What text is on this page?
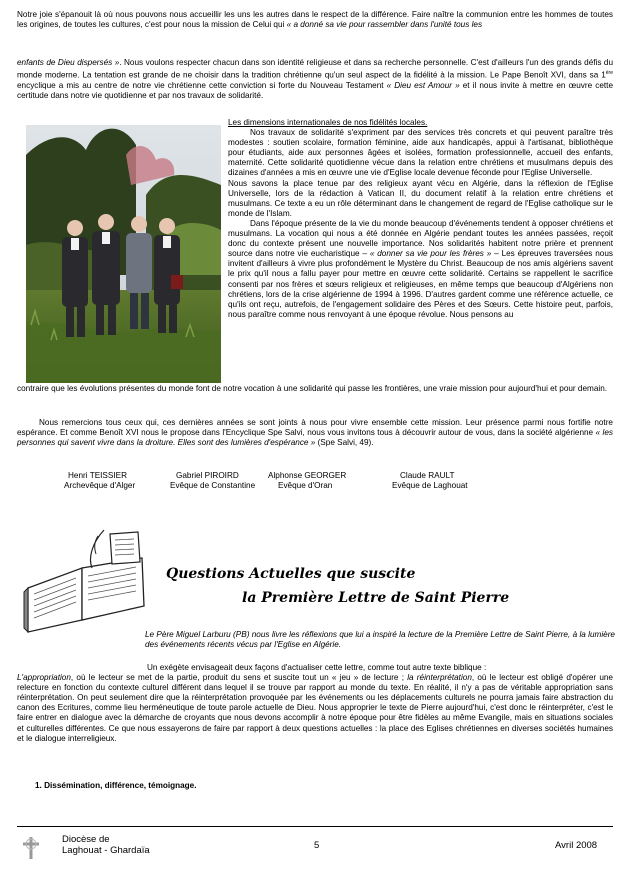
Notre joie s'épanouit là où nous pouvons nous accueillir les uns les autres dans le respect de la différence. Faire naître la communion entre les hommes de toutes les origines, de toutes les cultures, c'est pour nous la mission de Celui qui « a donné sa vie pour rassembler dans l'unité tous les
enfants de Dieu dispersés ». Nous voulons respecter chacun dans son identité religieuse et dans sa recherche personnelle. C'est d'ailleurs l'un des grands défis du monde moderne. La tentation est grande de ne choisir dans la tradition chrétienne qu'un seul aspect de la fidélité à la mission. Le Pape Benoît XVI, dans sa 1ère encyclique a mis au centre de notre vie chrétienne cette conviction si forte du Nouveau Testament « Dieu est Amour » et il nous invite à mettre en œuvre cette certitude dans notre vie quotidienne et par nos travaux de solidarité.
Les dimensions internationales de nos fidélités locales.

Nos travaux de solidarité s'expriment par des services très concrets et qui peuvent paraître très modestes : soutien scolaire, formation féminine, aide aux handicapés, appui à l'artisanat, bibliothèque pour étudiants, aide aux personnes âgées et isolées, formation professionnelle, accueil des enfants, maternité. Cette solidarité quotidienne vécue dans la relation entre chrétiens et musulmans depuis des dizaines d'années a mis en œuvre une vie d'Eglise locale devenue féconde pour l'Eglise Universelle.

Nous savons la place tenue par des religieux ayant vécu en Algérie, dans la réflexion de l'Eglise Universelle, lors de la rédaction à Vatican II, du document relatif à la relation entre chrétiens et musulmans. Ce texte a eu un rôle déterminant dans le changement de regard de l'Eglise catholique sur le monde de l'Islam.

Dans l'époque présente de la vie du monde beaucoup d'événements tendent à opposer chrétiens et musulmans. La vocation qui nous a été donnée en Algérie pendant toutes les années passées, reçoit donc du contexte présent une nouvelle importance. Nos solidarités habitent notre prière et prennent source dans notre vie eucharistique – « donner sa vie pour les frères » – Les épreuves traversées nous invitent d'ailleurs à vivre plus profondément le Mystère du Christ. Beaucoup de nos amis algériens savent le prix qu'il nous a fallu payer pour mettre en œuvre cette solidarité. Certains se rappellent le sacrifice consenti par nos frères et sœurs religieux et religieuses, en même temps que beaucoup d'Algériens non chrétiens, lors de la crise algérienne de 1994 à 1996. D'autres gardent comme une référence actuelle, ce qu'ils ont reçu, autrefois, de l'engagement solidaire des Pères et des Sœurs. Cette histoire peut, parfois, nous paraître comme nous renvoyant à une époque révolue. Nous pensons au

contraire que les évolutions présentes du monde font de notre vocation à une solidarité qui passe les frontières, une vraie mission pour aujourd'hui et pour demain.

Nous remercions tous ceux qui, ces dernières années se sont joints à nous pour vivre ensemble cette mission. Leur présence parmi nous fortifie notre espérance. Et comme Benoît XVI nous le propose dans l'Encyclique Spe Salvi, nous vous invitons tous à découvrir autour de vous, dans la société algérienne « les personnes qui savent vivre dans la droiture. Elles sont des lumières d'espérance » (Spe Salvi, 49).

Henri TEISSIER
Archevêque d'Alger
Gabriel PIROIRD
Evêque de Constantine
Alphonse GEORGER
Evêque d'Oran
Claude RAULT
Evêque de Laghouat
Questions Actuelles que suscite
la Première Lettre de Saint Pierre
Le Père Miguel Larburu (PB) nous livre les réflexions que lui a inspiré la lecture de la Première Lettre de Saint Pierre, à la lumière des événements récents vécus par l'Eglise en Algérie.

Un exégète envisageait deux façons d'actualiser cette lettre, comme tout autre texte biblique :

L'appropriation, où le lecteur se met de la partie, produit du sens et suscite tout un « jeu » de lecture ; la réinterprétation, où le lecteur est obligé d'opérer une relecture en fonction du contexte culturel différent dans lequel il se trouve par rapport au monde du texte. En réalité, il n'y a pas de véritable appropriation sans réinterprétation. On peut seulement dire que la réinterprétation provoquée par les événements ou les déplacements culturels ne pourra jamais faire abstraction du canon des Ecritures, comme lieu herméneutique de toute parole actuelle de Dieu. Nous approprier le texte de Pierre aujourd'hui, c'est donc le réinterpréter, c'est le faire entrer en dialogue avec la démarche de croyants que nous devons accomplir à notre époque pour être fidèles au même Evangile, mais en situations sociales et culturelles différentes. Ce que nous essayerons de faire par rapport à deux questions actuelles : la place des Eglises chrétiennes en diverses sociétés humaines et le dialogue interreligieux.

1. Dissémination, différence, témoignage.
Diocèse de
Laghouat - Ghardaïa	5	Avril 2008
